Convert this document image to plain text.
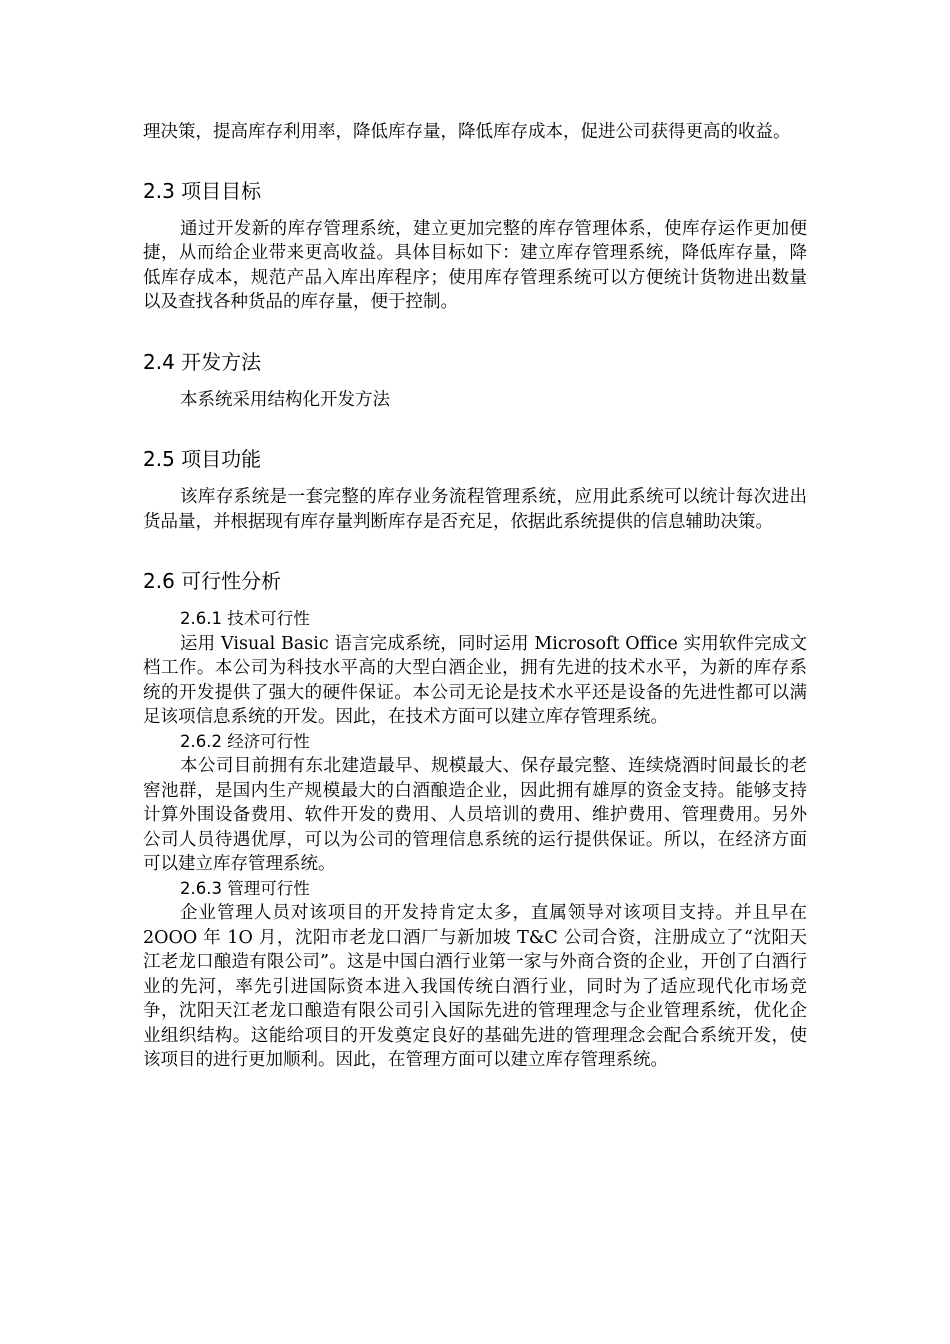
理决策，提高库存利用率，降低库存量，降低库存成本，促进公司获得更高的收益。

2.3 项目目标

通过开发新的库存管理系统，建立更加完整的库存管理体系，使库存运作更加便捷，从而给企业带来更高收益。具体目标如下：建立库存管理系统，降低库存量，降低库存成本，规范产品入库出库程序；使用库存管理系统可以方便统计货物进出数量以及查找各种货品的库存量，便于控制。

2.4 开发方法

本系统采用结构化开发方法

2.5 项目功能

该库存系统是一套完整的库存业务流程管理系统，应用此系统可以统计每次进出货品量，并根据现有库存量判断库存是否充足，依据此系统提供的信息辅助决策。

2.6 可行性分析
2.6.1 技术可行性

运用 Visual Basic 语言完成系统，同时运用 Microsoft Office 实用软件完成文档工作。本公司为科技水平高的大型白酒企业，拥有先进的技术水平，为新的库存系统的开发提供了强大的硬件保证。本公司无论是技术水平还是设备的先进性都可以满足该项信息系统的开发。因此，在技术方面可以建立库存管理系统。

2.6.2 经济可行性

本公司目前拥有东北建造最早、规模最大、保存最完整、连续烧酒时间最长的老窖池群，是国内生产规模最大的白酒酿造企业，因此拥有雄厚的资金支持。能够支持计算外围设备费用、软件开发的费用、人员培训的费用、维护费用、管理费用。另外公司人员待遇优厚，可以为公司的管理信息系统的运行提供保证。所以，在经济方面可以建立库存管理系统。

2.6.3 管理可行性

企业管理人员对该项目的开发持肯定太多，直属领导对该项目支持。并且早在 2OOO 年 1O 月，沈阳市老龙口酒厂与新加坡 T&C 公司合资，注册成立了“沈阳天江老龙口酿造有限公司”。这是中国白酒行业第一家与外商合资的企业，开创了白酒行业的先河，率先引进国际资本进入我国传统白酒行业，同时为了适应现代化市场竞争，沈阳天江老龙口酿造有限公司引入国际先进的管理理念与企业管理系统，优化企业组织结构。这能给项目的开发奠定良好的基础先进的管理理念会配合系统开发，使该项目的进行更加顺利。因此，在管理方面可以建立库存管理系统。
